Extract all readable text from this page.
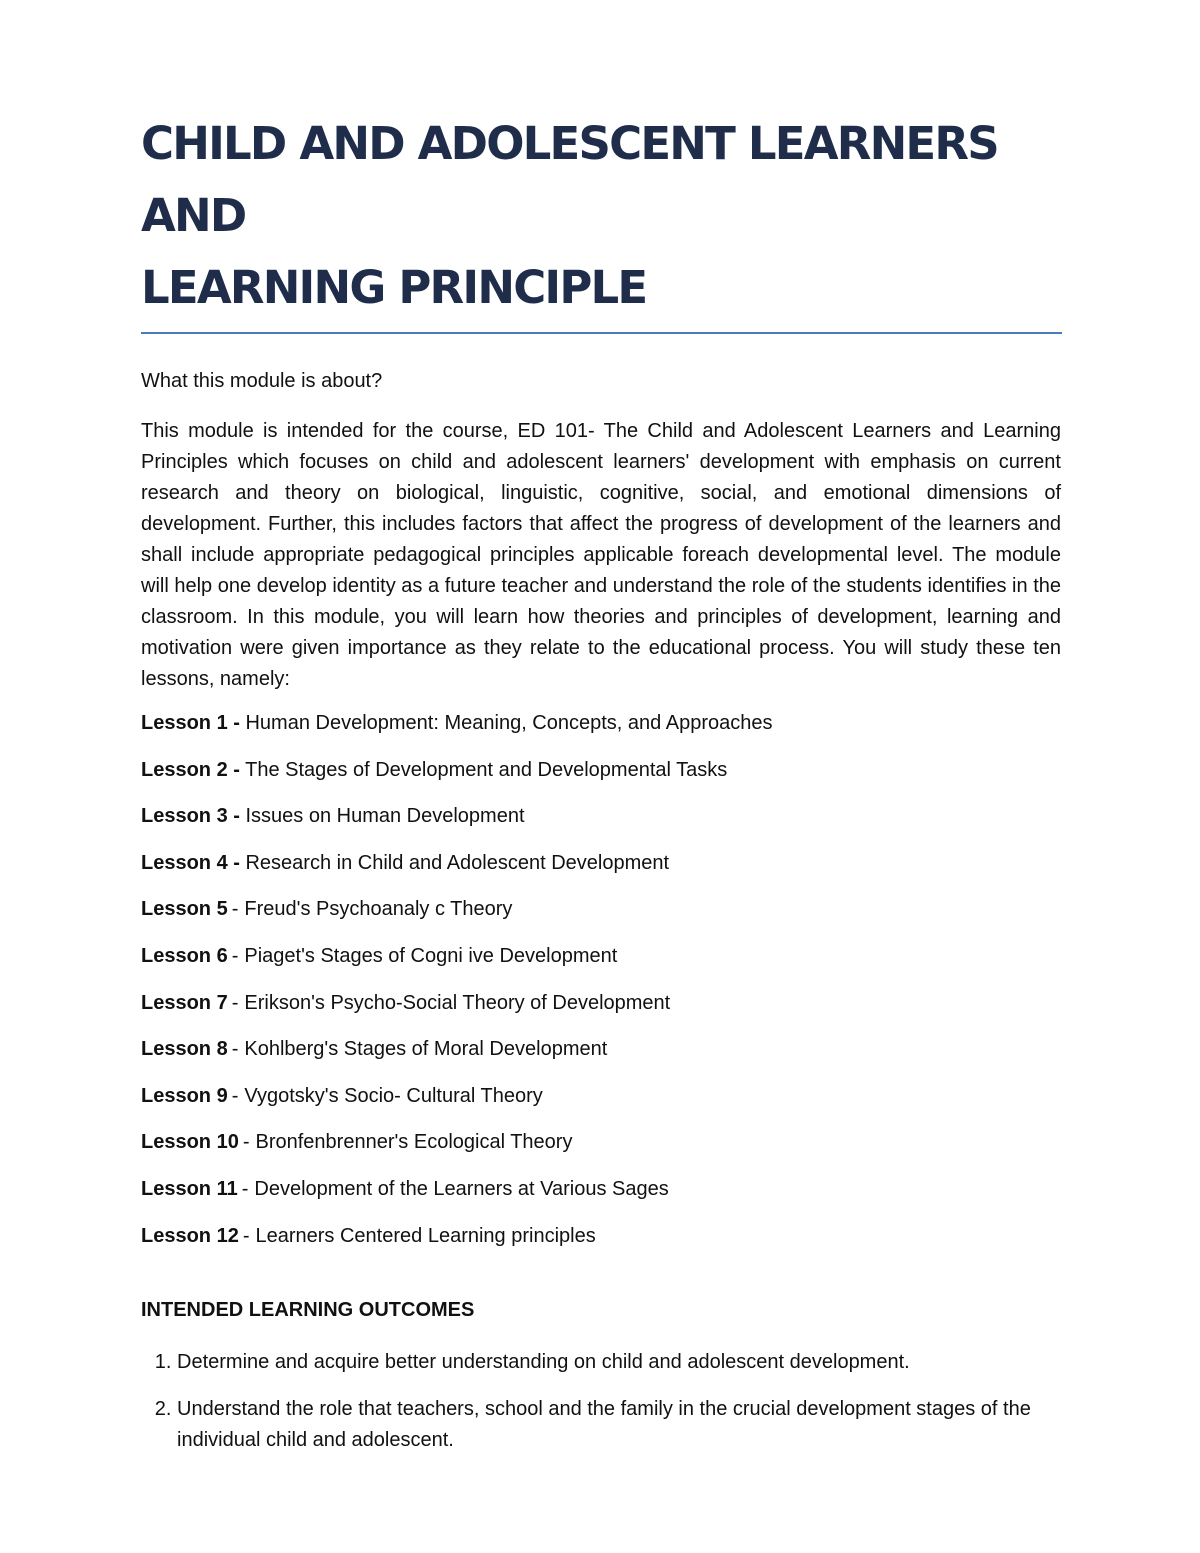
CHILD AND ADOLESCENT LEARNERS AND
LEARNING PRINCIPLE
What this module is about?

This module is intended for the course, ED 101- The Child and Adolescent Learners and Learning Principles which focuses on child and adolescent learners' development with emphasis on current research and theory on biological, linguistic, cognitive, social, and emotional dimensions of development. Further, this includes factors that affect the progress of development of the learners and shall include appropriate pedagogical principles applicable foreach developmental level. The module will help one develop identity as a future teacher and understand the role of the students identifies in the classroom. In this module, you will learn how theories and principles of development, learning and motivation were given importance as they relate to the educational process. You will study these ten lessons, namely:

Lesson 1 - Human Development: Meaning, Concepts, and Approaches
Lesson 2 - The Stages of Development and Developmental Tasks
Lesson 3 - Issues on Human Development
Lesson 4 - Research in Child and Adolescent Development
Lesson 5 - Freud's Psychoanaly c Theory
Lesson 6 - Piaget's Stages of Cogni ive Development
Lesson 7 - Erikson's Psycho-Social Theory of Development
Lesson 8 - Kohlberg's Stages of Moral Development
Lesson 9 - Vygotsky's Socio- Cultural Theory
Lesson 10 - Bronfenbrenner's Ecological Theory
Lesson 11 - Development of the Learners at Various Sages
Lesson 12 - Learners Centered Learning principles
INTENDED LEARNING OUTCOMES
1. Determine and acquire better understanding on child and adolescent development.
2. Understand the role that teachers, school and the family in the crucial development stages of the individual child and adolescent.
